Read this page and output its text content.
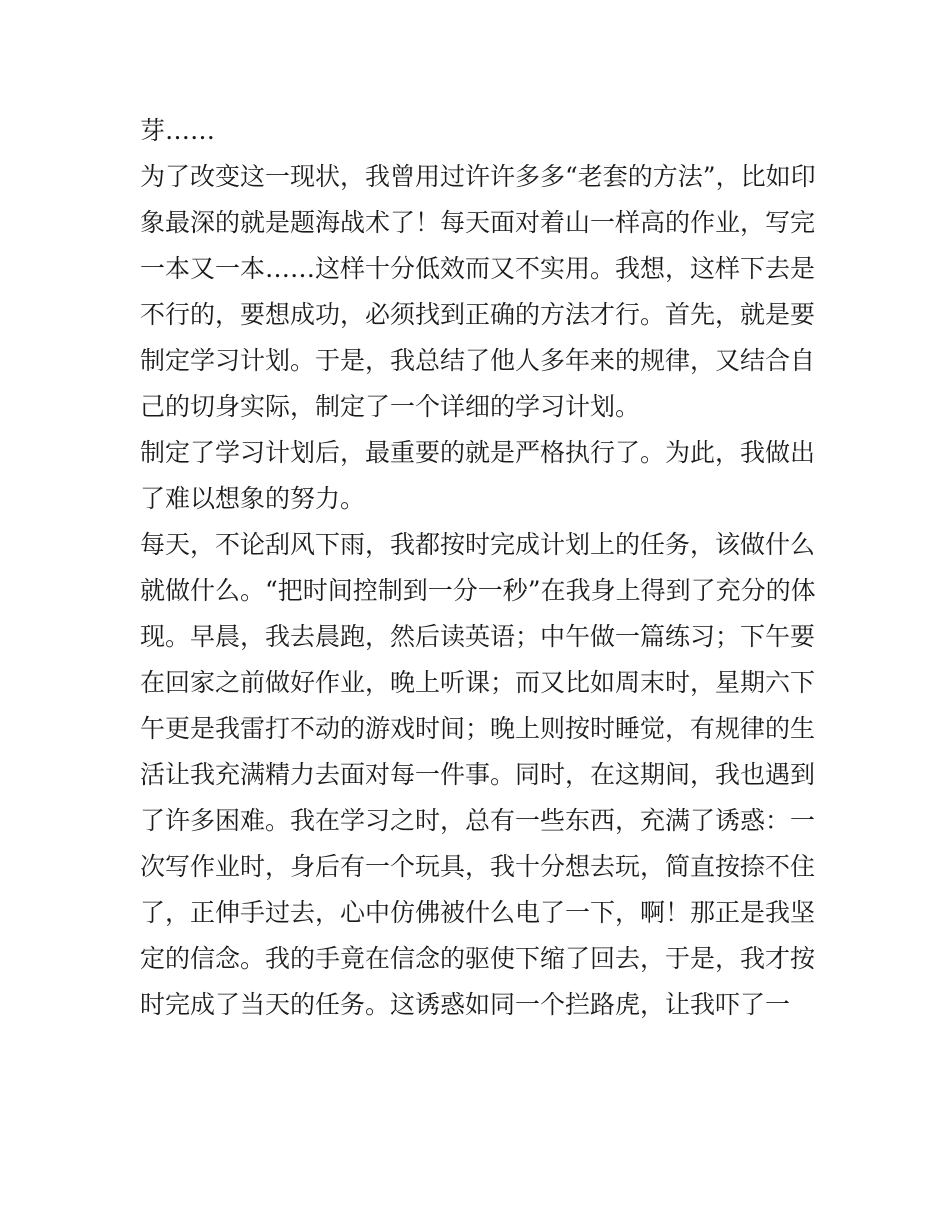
芽……
为了改变这一现状，我曾用过许许多多“老套的方法”，比如印
象最深的就是题海战术了！每天面对着山一样高的作业，写完
一本又一本……这样十分低效而又不实用。我想，这样下去是
不行的，要想成功，必须找到正确的方法才行。首先，就是要
制定学习计划。于是，我总结了他人多年来的规律，又结合自
己的切身实际，制定了一个详细的学习计划。
制定了学习计划后，最重要的就是严格执行了。为此，我做出
了难以想象的努力。
每天，不论刮风下雨，我都按时完成计划上的任务，该做什么
就做什么。“把时间控制到一分一秒”在我身上得到了充分的体
现。早晨，我去晨跑，然后读英语；中午做一篇练习；下午要
在回家之前做好作业，晚上听课；而又比如周末时，星期六下
午更是我雷打不动的游戏时间；晚上则按时睡觉，有规律的生
活让我充满精力去面对每一件事。同时，在这期间，我也遇到
了许多困难。我在学习之时，总有一些东西，充满了诱惑：一
次写作业时，身后有一个玩具，我十分想去玩，简直按捺不住
了，正伸手过去，心中仿佛被什么电了一下，啊！那正是我坚
定的信念。我的手竟在信念的驱使下缩了回去，于是，我才按
时完成了当天的任务。这诱惑如同一个拦路虎，让我吓了一
